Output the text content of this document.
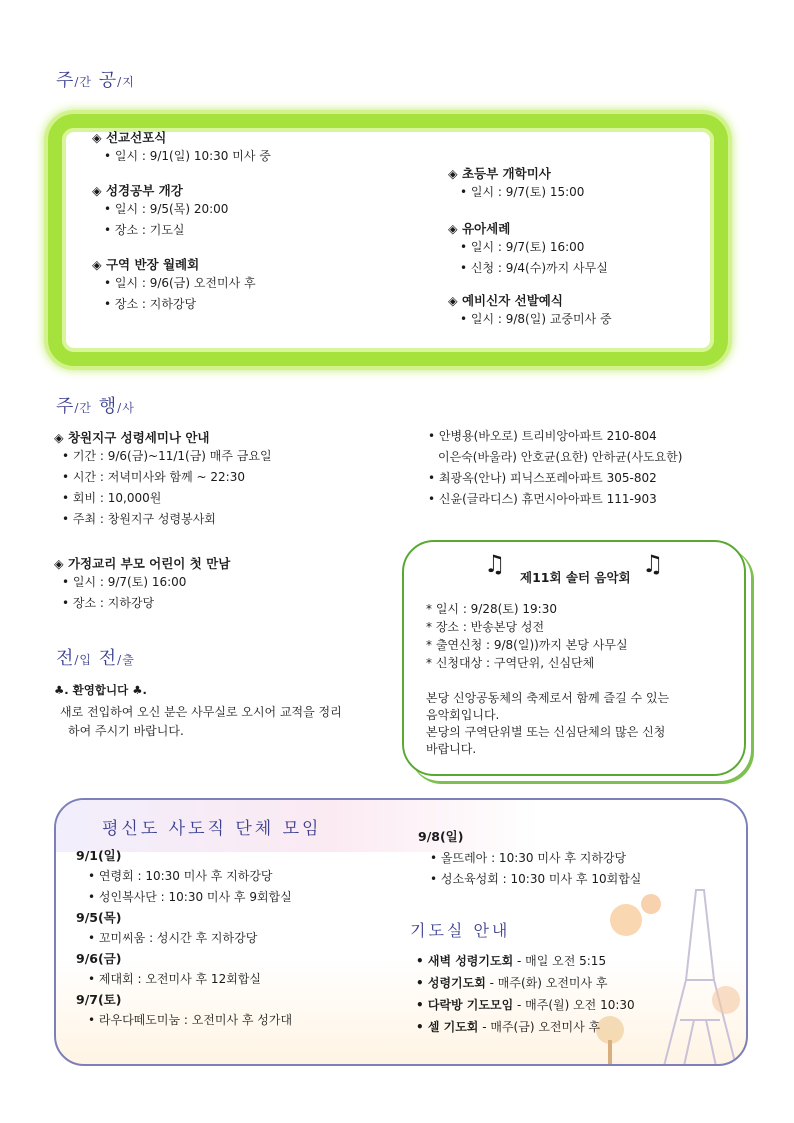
주/간 공/지
◈ 선교선포식
• 일시 : 9/1(일) 10:30 미사 중
◈ 성경공부 개강
• 일시 : 9/5(목) 20:00
• 장소 : 기도실
◈ 구역 반장 월례회
• 일시 : 9/6(금) 오전미사 후
• 장소 : 지하강당
◈ 초등부 개학미사
• 일시 : 9/7(토) 15:00
◈ 유아세례
• 일시 : 9/7(토) 16:00
• 신청 : 9/4(수)까지 사무실
◈ 예비신자 선발예식
• 일시 : 9/8(일) 교중미사 중
주/간 행/사
◈ 창원지구 성령세미나 안내
• 기간 : 9/6(금)~11/1(금) 매주 금요일
• 시간 : 저녁미사와 함께 ~ 22:30
• 회비 : 10,000원
• 주최 : 창원지구 성령봉사회
◈ 가정교리 부모 어린이 첫 만남
• 일시 : 9/7(토) 16:00
• 장소 : 지하강당
• 안병용(바오로) 트리비앙아파트 210-804
이은숙(바울라) 안호균(요한) 안하균(사도요한)
• 최광옥(안나) 피닉스포레아파트 305-802
• 신윤(글라디스) 휴먼시아아파트 111-903
전/입 전/출
♣. 환영합니다 ♣.
새로 전입하여 오신 분은 사무실로 오시어 교적을 정리
하여 주시기 바랍니다.
♫	♫
제11회 솔터 음악회
* 일시 : 9/28(토) 19:30
* 장소 : 반송본당 성전
* 출연신청 : 9/8(일))까지 본당 사무실
* 신청대상 : 구역단위, 신심단체
본당 신앙공동체의 축제로서 함께 즐길 수 있는
음악회입니다.
본당의 구역단위별 또는 신심단체의 많은 신청
바랍니다.
평신도 사도직 단체 모임
9/1(일)
• 연령회 : 10:30 미사 후 지하강당
• 성인복사단 : 10:30 미사 후 9회합실
9/5(목)
• 꼬미씨움 : 성시간 후 지하강당
9/6(금)
• 제대회 : 오전미사 후 12회합실
9/7(토)
• 라우다떼도미눔 : 오전미사 후 성가대
9/8(일)
• 올뜨레아 : 10:30 미사 후 지하강당
• 성소육성회 : 10:30 미사 후 10회합실
기도실 안내
• 새벽 성령기도회 - 매일 오전 5:15
• 성령기도회 - 매주(화) 오전미사 후
• 다락방 기도모임 - 매주(월) 오전 10:30
• 셀 기도회 - 매주(금) 오전미사 후
